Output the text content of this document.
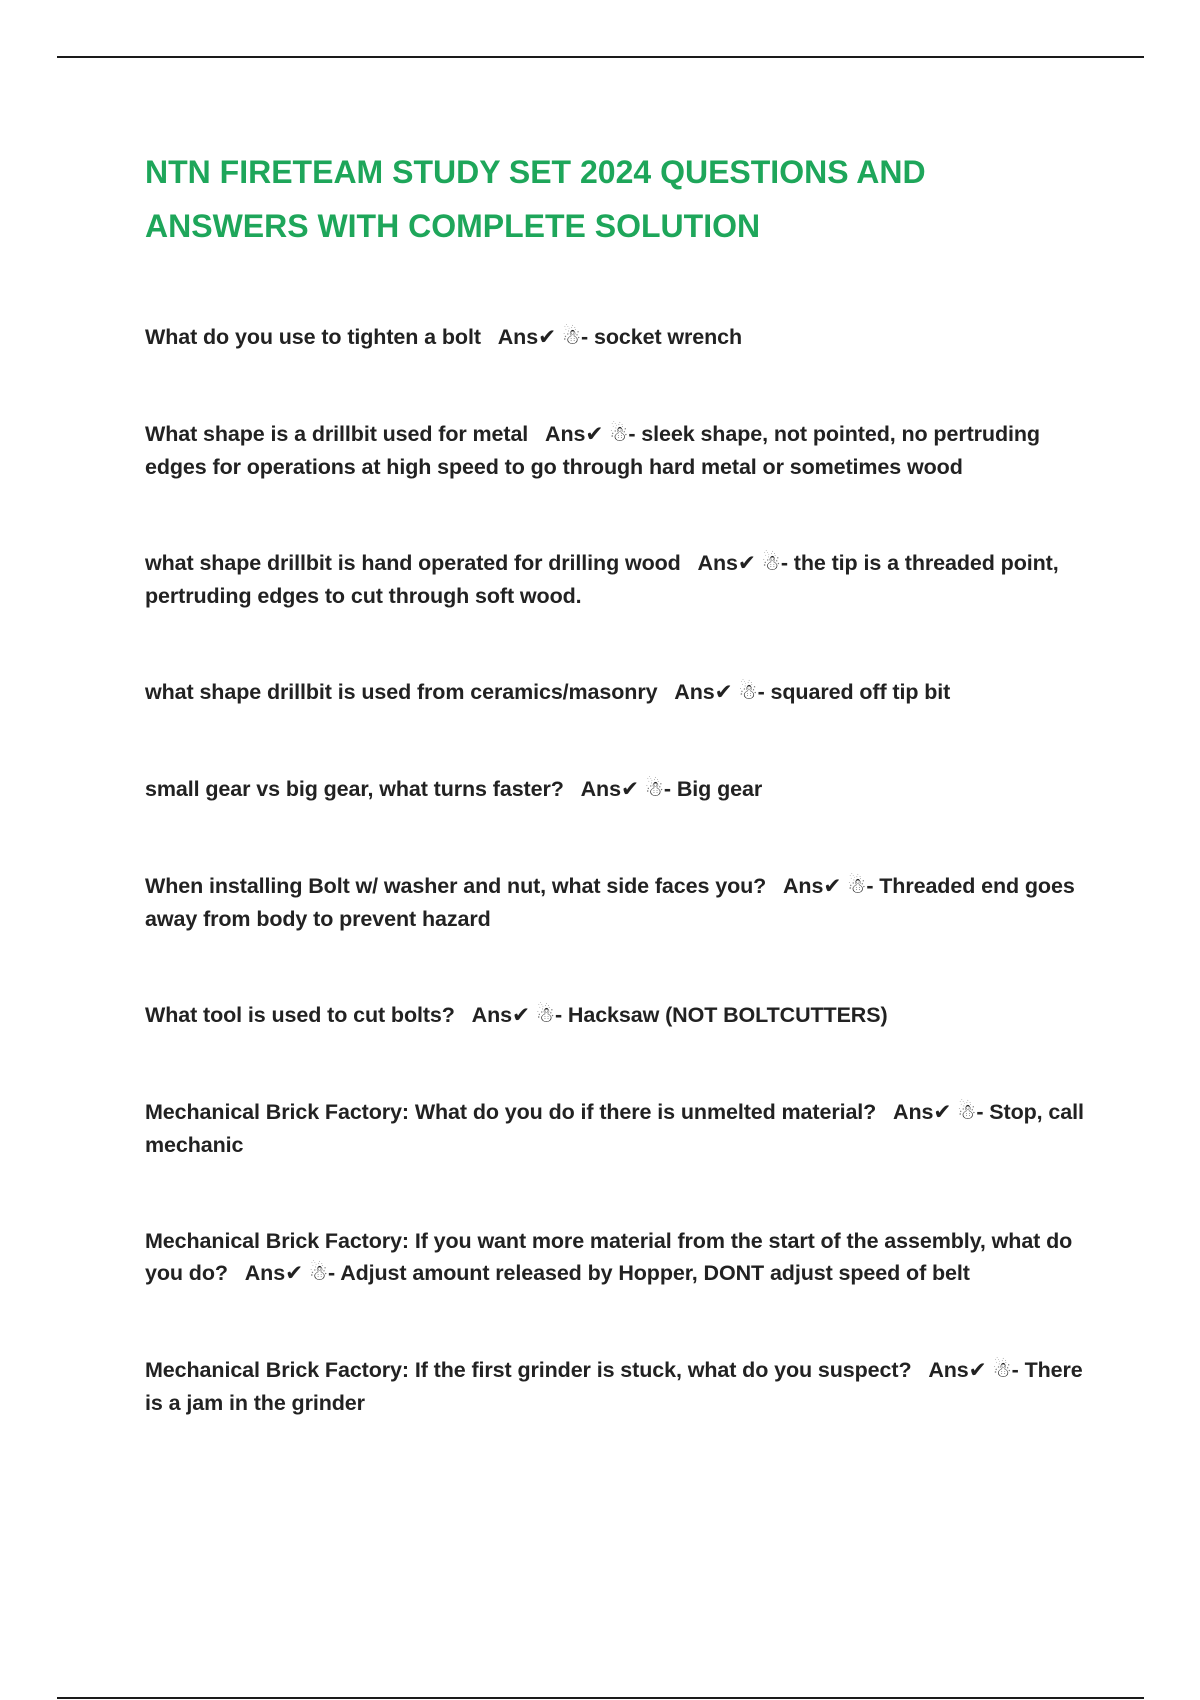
NTN FIRETEAM STUDY SET 2024 QUESTIONS AND ANSWERS WITH COMPLETE SOLUTION

What do you use to tighten a bolt Ans✔ ☃- socket wrench

What shape is a drillbit used for metal Ans✔ ☃- sleek shape, not pointed, no pertruding edges for operations at high speed to go through hard metal or sometimes wood

what shape drillbit is hand operated for drilling wood Ans✔ ☃- the tip is a threaded point, pertruding edges to cut through soft wood.

what shape drillbit is used from ceramics/masonry Ans✔ ☃- squared off tip bit

small gear vs big gear, what turns faster? Ans✔ ☃- Big gear

When installing Bolt w/ washer and nut, what side faces you? Ans✔ ☃- Threaded end goes away from body to prevent hazard

What tool is used to cut bolts? Ans✔ ☃- Hacksaw (NOT BOLTCUTTERS)

Mechanical Brick Factory: What do you do if there is unmelted material? Ans✔ ☃- Stop, call mechanic

Mechanical Brick Factory: If you want more material from the start of the assembly, what do you do? Ans✔ ☃- Adjust amount released by Hopper, DONT adjust speed of belt

Mechanical Brick Factory: If the first grinder is stuck, what do you suspect? Ans✔ ☃- There is a jam in the grinder
